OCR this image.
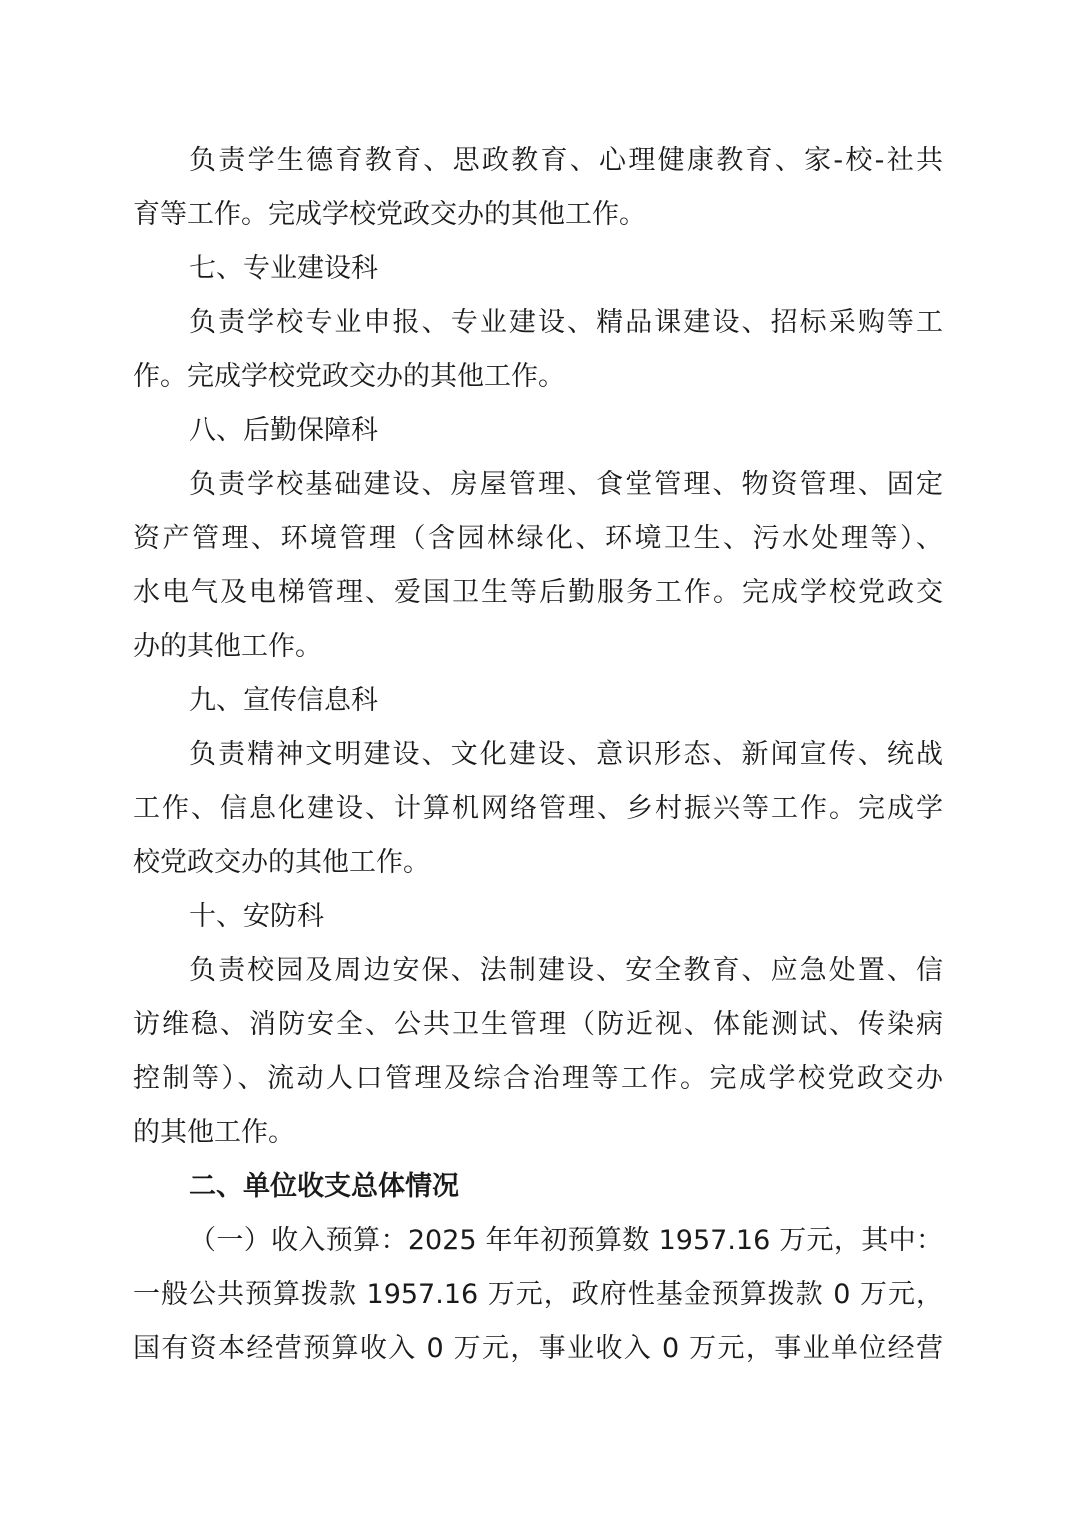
负责学生德育教育、思政教育、心理健康教育、家-校-社共
育等工作。完成学校党政交办的其他工作。
七、专业建设科
负责学校专业申报、专业建设、精品课建设、招标采购等工
作。完成学校党政交办的其他工作。
八、后勤保障科
负责学校基础建设、房屋管理、食堂管理、物资管理、固定
资产管理、环境管理（含园林绿化、环境卫生、污水处理等）、
水电气及电梯管理、爱国卫生等后勤服务工作。完成学校党政交
办的其他工作。
九、宣传信息科
负责精神文明建设、文化建设、意识形态、新闻宣传、统战
工作、信息化建设、计算机网络管理、乡村振兴等工作。完成学
校党政交办的其他工作。
十、安防科
负责校园及周边安保、法制建设、安全教育、应急处置、信
访维稳、消防安全、公共卫生管理（防近视、体能测试、传染病
控制等）、流动人口管理及综合治理等工作。完成学校党政交办
的其他工作。
二、单位收支总体情况
（一）收入预算：2025 年年初预算数 1957.16 万元，其中：
一般公共预算拨款 1957.16 万元，政府性基金预算拨款 0 万元，
国有资本经营预算收入 0 万元，事业收入 0 万元，事业单位经营
